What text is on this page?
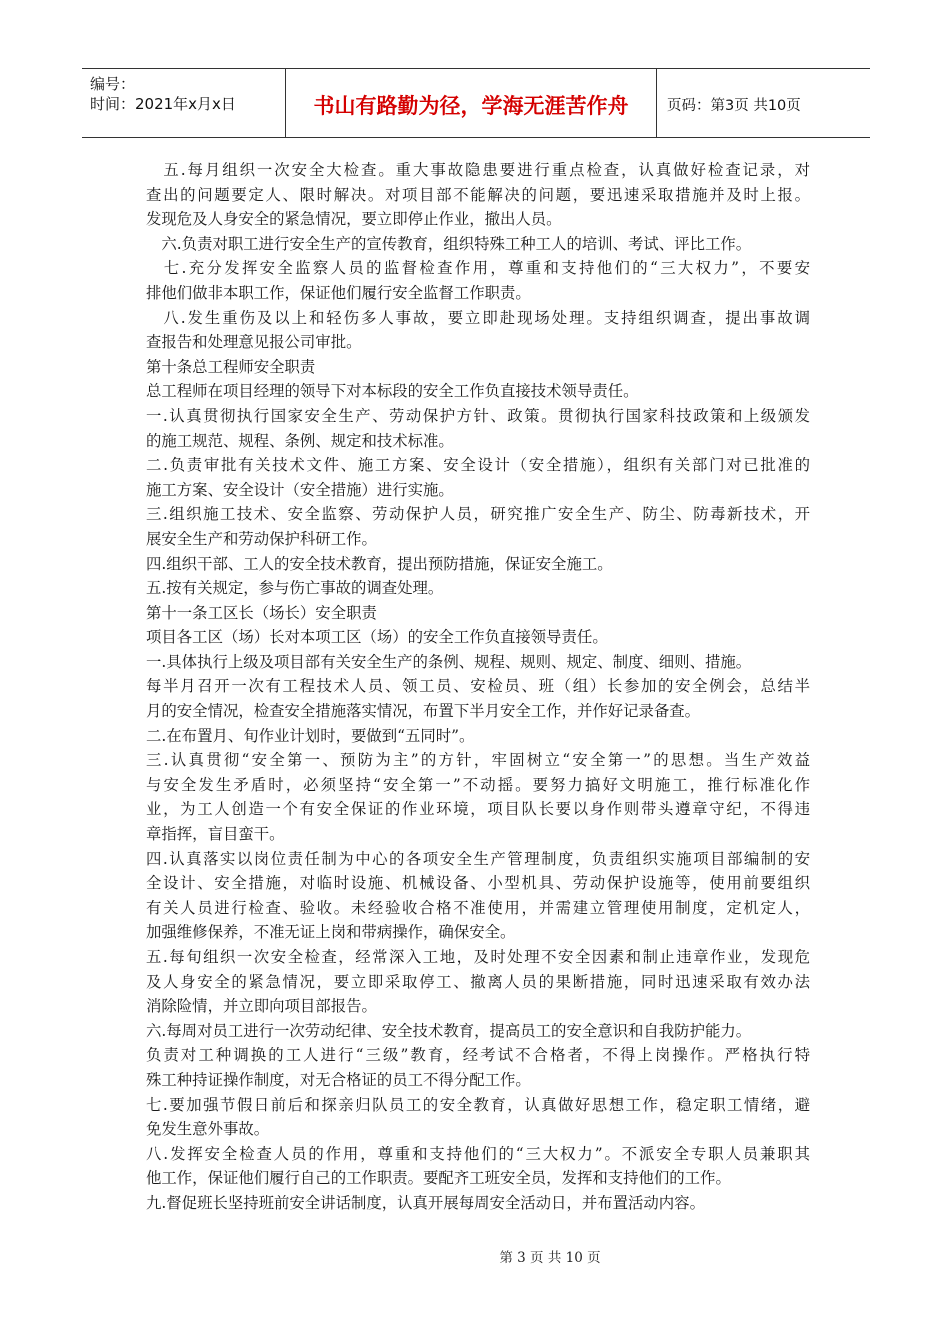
编号：
时间：2021年x月x日	书山有路勤为径，学海无涯苦作舟	页码：第3页 共10页
　五.每月组织一次安全大检查。重大事故隐患要进行重点检查，认真做好检查记录，对
查出的问题要定人、限时解决。对项目部不能解决的问题，要迅速采取措施并及时上报。
发现危及人身安全的紧急情况，要立即停止作业，撤出人员。
　六.负责对职工进行安全生产的宣传教育，组织特殊工种工人的培训、考试、评比工作。
　七.充分发挥安全监察人员的监督检查作用，尊重和支持他们的“三大权力”，不要安
排他们做非本职工作，保证他们履行安全监督工作职责。
　八.发生重伤及以上和轻伤多人事故，要立即赴现场处理。支持组织调查，提出事故调
查报告和处理意见报公司审批。
第十条总工程师安全职责
总工程师在项目经理的领导下对本标段的安全工作负直接技术领导责任。
一.认真贯彻执行国家安全生产、劳动保护方针、政策。贯彻执行国家科技政策和上级颁发
的施工规范、规程、条例、规定和技术标准。
二.负责审批有关技术文件、施工方案、安全设计（安全措施），组织有关部门对已批准的
施工方案、安全设计（安全措施）进行实施。
三.组织施工技术、安全监察、劳动保护人员，研究推广安全生产、防尘、防毒新技术，开
展安全生产和劳动保护科研工作。
四.组织干部、工人的安全技术教育，提出预防措施，保证安全施工。
五.按有关规定，参与伤亡事故的调查处理。
第十一条工区长（场长）安全职责
项目各工区（场）长对本项工区（场）的安全工作负直接领导责任。
一.具体执行上级及项目部有关安全生产的条例、规程、规则、规定、制度、细则、措施。
每半月召开一次有工程技术人员、领工员、安检员、班（组）长参加的安全例会，总结半
月的安全情况，检查安全措施落实情况，布置下半月安全工作，并作好记录备查。
二.在布置月、旬作业计划时，要做到“五同时”。
三.认真贯彻“安全第一、预防为主”的方针，牢固树立“安全第一”的思想。当生产效益
与安全发生矛盾时，必须坚持“安全第一”不动摇。要努力搞好文明施工，推行标准化作
业，为工人创造一个有安全保证的作业环境，项目队长要以身作则带头遵章守纪，不得违
章指挥，盲目蛮干。
四.认真落实以岗位责任制为中心的各项安全生产管理制度，负责组织实施项目部编制的安
全设计、安全措施，对临时设施、机械设备、小型机具、劳动保护设施等，使用前要组织
有关人员进行检查、验收。未经验收合格不准使用，并需建立管理使用制度，定机定人，
加强维修保养，不准无证上岗和带病操作，确保安全。
五.每旬组织一次安全检查，经常深入工地，及时处理不安全因素和制止违章作业，发现危
及人身安全的紧急情况，要立即采取停工、撤离人员的果断措施，同时迅速采取有效办法
消除险情，并立即向项目部报告。
六.每周对员工进行一次劳动纪律、安全技术教育，提高员工的安全意识和自我防护能力。
负责对工种调换的工人进行“三级”教育，经考试不合格者，不得上岗操作。严格执行特
殊工种持证操作制度，对无合格证的员工不得分配工作。
七.要加强节假日前后和探亲归队员工的安全教育，认真做好思想工作，稳定职工情绪，避
免发生意外事故。
八.发挥安全检查人员的作用，尊重和支持他们的“三大权力”。不派安全专职人员兼职其
他工作，保证他们履行自己的工作职责。要配齐工班安全员，发挥和支持他们的工作。
九.督促班长坚持班前安全讲话制度，认真开展每周安全活动日，并布置活动内容。
第 3 页 共 10 页
